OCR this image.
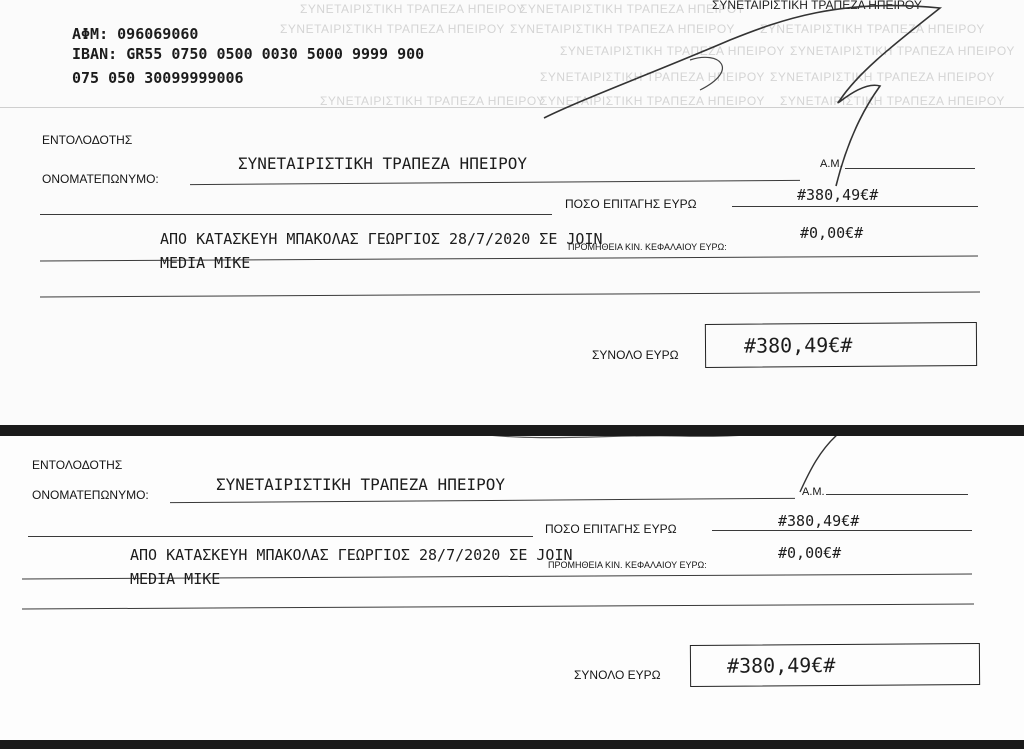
ΣΥΝΕΤΑΙΡΙΣΤΙΚΗ ΤΡΑΠΕΖΑ ΗΠΕΙΡΟΥ
ΣΥΝΕΤΑΙΡΙΣΤΙΚΗ ΤΡΑΠΕΖΑ ΗΠΕΙΡΟΥ
ΣΥΝΕΤΑΙΡΙΣΤΙΚΗ ΤΡΑΠΕΖΑ ΗΠΕΙΡΟΥ ΣΥΝΕΤΑΙΡΙΣΤΙΚΗ ΤΡΑΠΕΖΑ ΗΠΕΙΡΟΥ ΣΥΝΕΤΑΙΡΙΣΤΙΚΗ ΤΡΑΠΕΖΑ ΗΠΕΙΡΟΥ
ΣΥΝΕΤΑΙΡΙΣΤΙΚΗ ΤΡΑΠΕΖΑ ΗΠΕΙΡΟΥ ΣΥΝΕΤΑΙΡΙΣΤΙΚΗ ΤΡΑΠΕΖΑ ΗΠΕΙΡΟΥ
ΣΥΝΕΤΑΙΡΙΣΤΙΚΗ ΤΡΑΠΕΖΑ ΗΠΕΙΡΟΥ ΣΥΝΕΤΑΙΡΙΣΤΙΚΗ ΤΡΑΠΕΖΑ ΗΠΕΙΡΟΥ
ΣΥΝΕΤΑΙΡΙΣΤΙΚΗ ΤΡΑΠΕΖΑ ΗΠΕΙΡΟΥ
ΣΥΝΕΤΑΙΡΙΣΤΙΚΗ ΤΡΑΠΕΖΑ ΗΠΕΙΡΟΥ ΣΥΝΕΤΑΙΡΙΣΤΙΚΗ ΤΡΑΠΕΖΑ ΗΠΕΙΡΟΥ
ΣΥΝΕΤΑΙΡΙΣΤΙΚΗ ΤΡΑΠΕΖΑ ΗΠΕΙΡΟΥ
ΑΦΜ: 096069060
IBAN: GR55 0750 0500 0030 5000 9999 900
075 050 30099999006
ΕΝΤΟΛΟΔΟΤΗΣ
ΟΝΟΜΑΤΕΠΩΝΥΜΟ:
ΣΥΝΕΤΑΙΡΙΣΤΙΚΗ ΤΡΑΠΕΖΑ ΗΠΕΙΡΟΥ	Α.Μ.
ΠΟΣΟ ΕΠΙΤΑΓΗΣ ΕΥΡΩ	#380,49€#
ΑΠΟ ΚΑΤΑΣΚΕΥΗ ΜΠΑΚΟΛΑΣ ΓΕΩΡΓΙΟΣ 28/7/2020 ΣΕ JOIN
ΠΡΟΜΗΘΕΙΑ ΚΙΝ. ΚΕΦΑΛΑΙΟΥ ΕΥΡΩ:
#0,00€#
MEDIA MIKE
ΣΥΝΟΛΟ ΕΥΡΩ	#380,49€#
ΕΝΤΟΛΟΔΟΤΗΣ
ΟΝΟΜΑΤΕΠΩΝΥΜΟ:
ΣΥΝΕΤΑΙΡΙΣΤΙΚΗ ΤΡΑΠΕΖΑ ΗΠΕΙΡΟΥ	Α.Μ.
ΠΟΣΟ ΕΠΙΤΑΓΗΣ ΕΥΡΩ	#380,49€#
ΑΠΟ ΚΑΤΑΣΚΕΥΗ ΜΠΑΚΟΛΑΣ ΓΕΩΡΓΙΟΣ 28/7/2020 ΣΕ JOIN
ΠΡΟΜΗΘΕΙΑ ΚΙΝ. ΚΕΦΑΛΑΙΟΥ ΕΥΡΩ:
#0,00€#
MEDIA MIKE
ΣΥΝΟΛΟ ΕΥΡΩ	#380,49€#
